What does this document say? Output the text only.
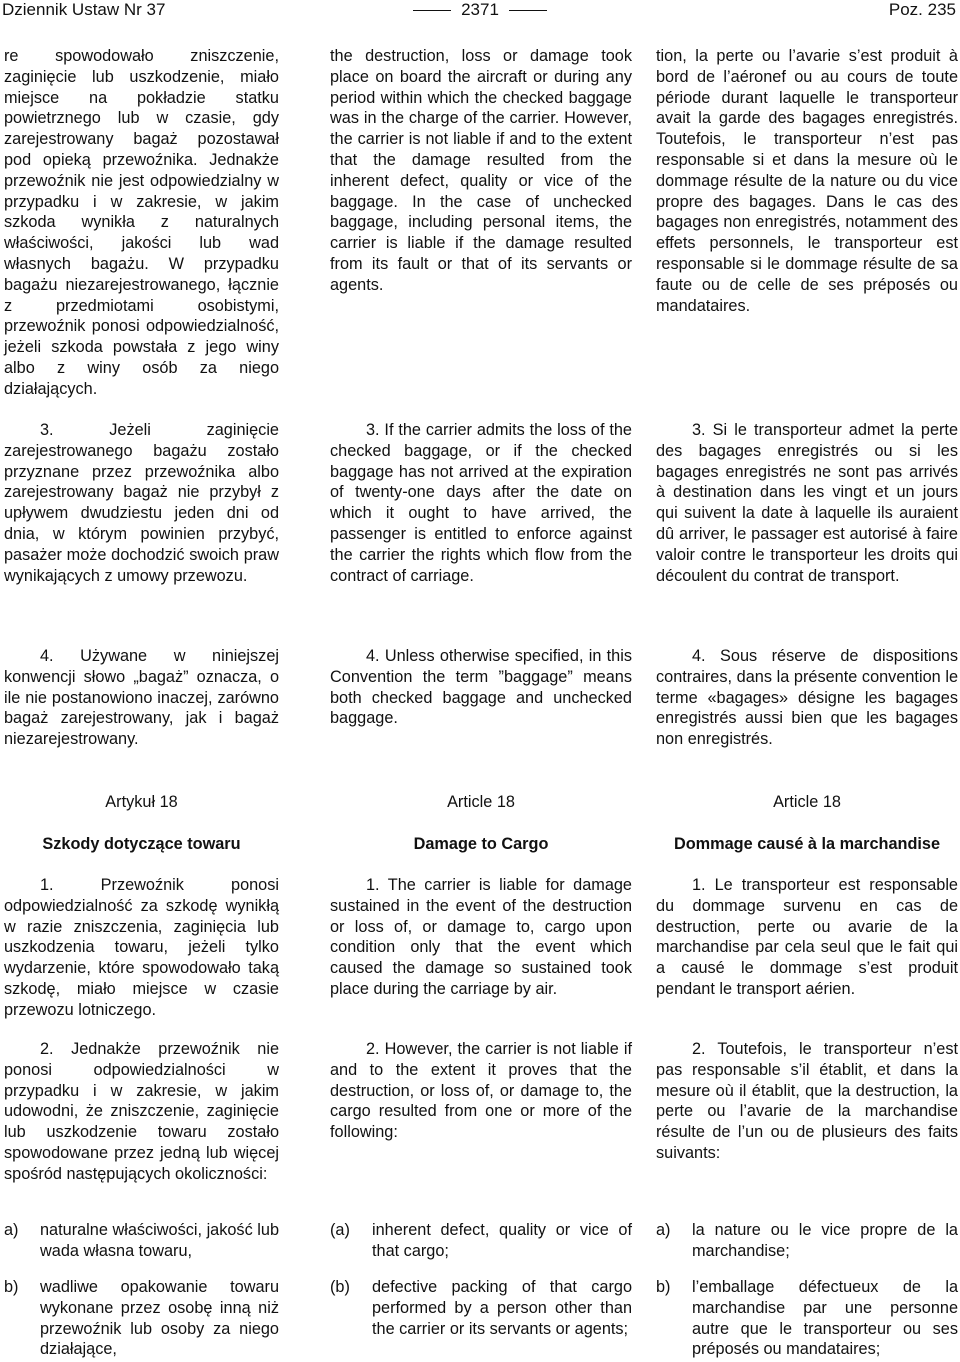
Dziennik Ustaw Nr 37	2371	Poz. 235

re spowodowało zniszczenie, zaginięcie lub uszkodzenie, miało miejsce na pokładzie statku powietrznego lub w czasie, gdy zarejestrowany bagaż pozostawał pod opieką przewoźnika. Jednakże przewoźnik nie jest odpowiedzialny w przypadku i w zakresie, w jakim szkoda wynikła z naturalnych właściwości, jakości lub wad własnych bagażu. W przypadku bagażu niezarejestrowanego, łącznie z przedmiotami osobistymi, przewoźnik ponosi odpowiedzialność, jeżeli szkoda powstała z jego winy albo z winy osób za niego działających.

3. Jeżeli zaginięcie zarejestrowanego bagażu zostało przyznane przez przewoźnika albo zarejestrowany bagaż nie przybył z upływem dwudziestu jeden dni od dnia, w którym powinien przybyć, pasażer może dochodzić swoich praw wynikających z umowy przewozu.

4. Używane w niniejszej konwencji słowo „bagaż” oznacza, o ile nie postanowiono inaczej, zarówno bagaż zarejestrowany, jak i bagaż niezarejestrowany.

Artykuł 18

Szkody dotyczące towaru

1. Przewoźnik ponosi odpowiedzialność za szkodę wynikłą w razie zniszczenia, zaginięcia lub uszkodzenia towaru, jeżeli tylko wydarzenie, które spowodowało taką szkodę, miało miejsce w czasie przewozu lotniczego.

2. Jednakże przewoźnik nie ponosi odpowiedzialności w przypadku i w zakresie, w jakim udowodni, że zniszczenie, zaginięcie lub uszkodzenie towaru zostało spowodowane przez jedną lub więcej spośród następujących okoliczności:

a)	naturalne właściwości, jakość lub wada własna towaru,

b)	wadliwe opakowanie towaru wykonane przez osobę inną niż przewoźnik lub osoby za niego działające,

the destruction, loss or damage took place on board the aircraft or during any period within which the checked baggage was in the charge of the carrier. However, the carrier is not liable if and to the extent that the damage resulted from the inherent defect, quality or vice of the baggage. In the case of unchecked baggage, including personal items, the carrier is liable if the damage resulted from its fault or that of its servants or agents.

3. If the carrier admits the loss of the checked baggage, or if the checked baggage has not arrived at the expiration of twenty-one days after the date on which it ought to have arrived, the passenger is entitled to enforce against the carrier the rights which flow from the contract of carriage.

4. Unless otherwise specified, in this Convention the term ”baggage” means both checked baggage and unchecked baggage.

Article 18

Damage to Cargo

1. The carrier is liable for damage sustained in the event of the destruction or loss of, or damage to, cargo upon condition only that the event which caused the damage so sustained took place during the carriage by air.

2. However, the carrier is not liable if and to the extent it proves that the destruction, or loss of, or damage to, the cargo resulted from one or more of the following:

(a)	inherent defect, quality or vice of that cargo;

(b)	defective packing of that cargo performed by a person other than the carrier or its servants or agents;

tion, la perte ou l’avarie s’est produit à bord de l’aéronef ou au cours de toute période durant laquelle le transporteur avait la garde des bagages enregistrés. Toutefois, le transporteur n’est pas responsable si et dans la mesure où le dommage résulte de la nature ou du vice propre des bagages. Dans le cas des bagages non enregistrés, notamment des effets personnels, le transporteur est responsable si le dommage résulte de sa faute ou de celle de ses préposés ou mandataires.

3. Si le transporteur admet la perte des bagages enregistrés ou si les bagages enregistrés ne sont pas arrivés à destination dans les vingt et un jours qui suivent la date à laquelle ils auraient dû arriver, le passager est autorisé à faire valoir contre le transporteur les droits qui découlent du contrat de transport.

4. Sous réserve de dispositions contraires, dans la présente convention le terme «bagages» désigne les bagages enregistrés aussi bien que les bagages non enregistrés.

Article 18

Dommage causé à la marchandise

1. Le transporteur est responsable du dommage survenu en cas de destruction, perte ou avarie de la marchandise par cela seul que le fait qui a causé le dommage s’est produit pendant le transport aérien.

2. Toutefois, le transporteur n’est pas responsable s’il établit, et dans la mesure où il établit, que la destruction, la perte ou l’avarie de la marchandise résulte de l’un ou de plusieurs des faits suivants:

a)	la nature ou le vice propre de la marchandise;

b)	l’emballage défectueux de la marchandise par une personne autre que le transporteur ou ses préposés ou mandataires;
